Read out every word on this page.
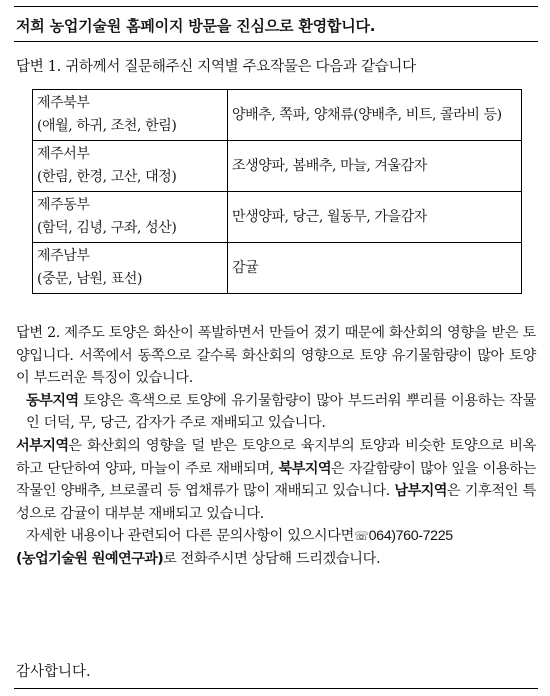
저희 농업기술원 홈페이지 방문을 진심으로 환영합니다.
답변 1. 귀하께서 질문해주신 지역별 주요작물은 다음과 같습니다
제주북부
(애월, 하귀, 조천, 한림)	양배추, 쪽파, 양채류(양배추, 비트, 콜라비 등)

제주서부
(한림, 한경, 고산, 대정)	조생양파, 봄배추, 마늘, 겨울감자

제주동부
(함덕, 김녕, 구좌, 성산)	만생양파, 당근, 월동무, 가을감자

제주남부
(중문, 남원, 표선)	감귤
답변 2. 제주도 토양은 화산이 폭발하면서 만들어 졌기 때문에 화산회의 영향을 받은 토양입니다. 서쪽에서 동쪽으로 갈수록 화산회의 영향으로 토양 유기물함량이 많아 토양이 부드러운 특징이 있습니다.
동부지역 토양은 흑색으로 토양에 유기물함량이 많아 부드러워 뿌리를 이용하는 작물인 더덕, 무, 당근, 감자가 주로 재배되고 있습니다.
서부지역은 화산회의 영향을 덜 받은 토양으로 육지부의 토양과 비슷한 토양으로 비옥하고 단단하여 양파, 마늘이 주로 재배되며, 북부지역은 자갈함량이 많아 잎을 이용하는 작물인 양배추, 브로콜리 등 엽채류가 많이 재배되고 있습니다. 남부지역은 기후적인 특성으로 감귤이 대부분 재배되고 있습니다.
자세한 내용이나 관련되어 다른 문의사항이 있으시다면☏064)760-7225
(농업기술원 원예연구과)로 전화주시면 상담해 드리겠습니다.
감사합니다.
